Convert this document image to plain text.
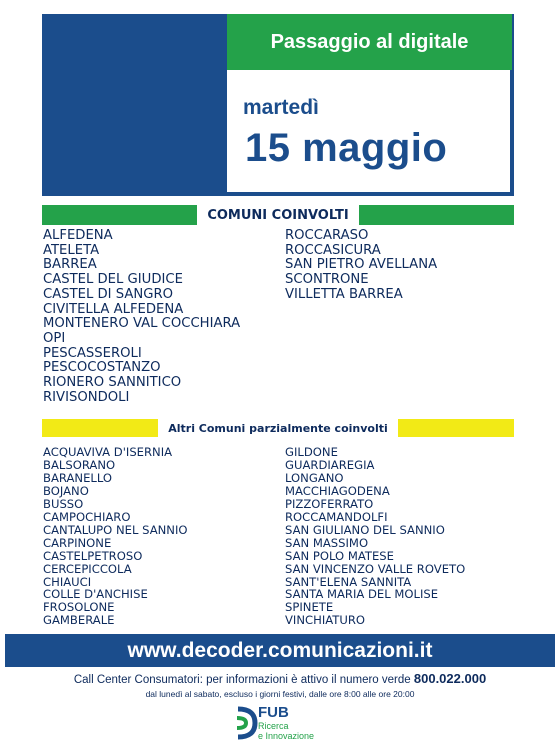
Passaggio al digitale
martedì
15 maggio
COMUNI COINVOLTI
ALFEDENA
ATELETA
BARREA
CASTEL DEL GIUDICE
CASTEL DI SANGRO
CIVITELLA ALFEDENA
MONTENERO VAL COCCHIARA
OPI
PESCASSEROLI
PESCOCOSTANZO
RIONERO SANNITICO
RIVISONDOLI
ROCCARASO
ROCCASICURA
SAN PIETRO AVELLANA
SCONTRONE
VILLETTA BARREA
Altri Comuni parzialmente coinvolti
ACQUAVIVA D'ISERNIA
BALSORANO
BARANELLO
BOJANO
BUSSO
CAMPOCHIARO
CANTALUPO NEL SANNIO
CARPINONE
CASTELPETROSO
CERCEPICCOLA
CHIAUCI
COLLE D'ANCHISE
FROSOLONE
GAMBERALE
GILDONE
GUARDIAREGIA
LONGANO
MACCHIAGODENA
PIZZOFERRATO
ROCCAMANDOLFI
SAN GIULIANO DEL SANNIO
SAN MASSIMO
SAN POLO MATESE
SAN VINCENZO VALLE ROVETO
SANT'ELENA SANNITA
SANTA MARIA DEL MOLISE
SPINETE
VINCHIATURO
www.decoder.comunicazioni.it
Call Center Consumatori: per informazioni è attivo il numero verde 800.022.000
dal lunedì al sabato, escluso i giorni festivi, dalle ore 8:00 alle ore 20:00
FUB
Ricerca
e Innovazione
